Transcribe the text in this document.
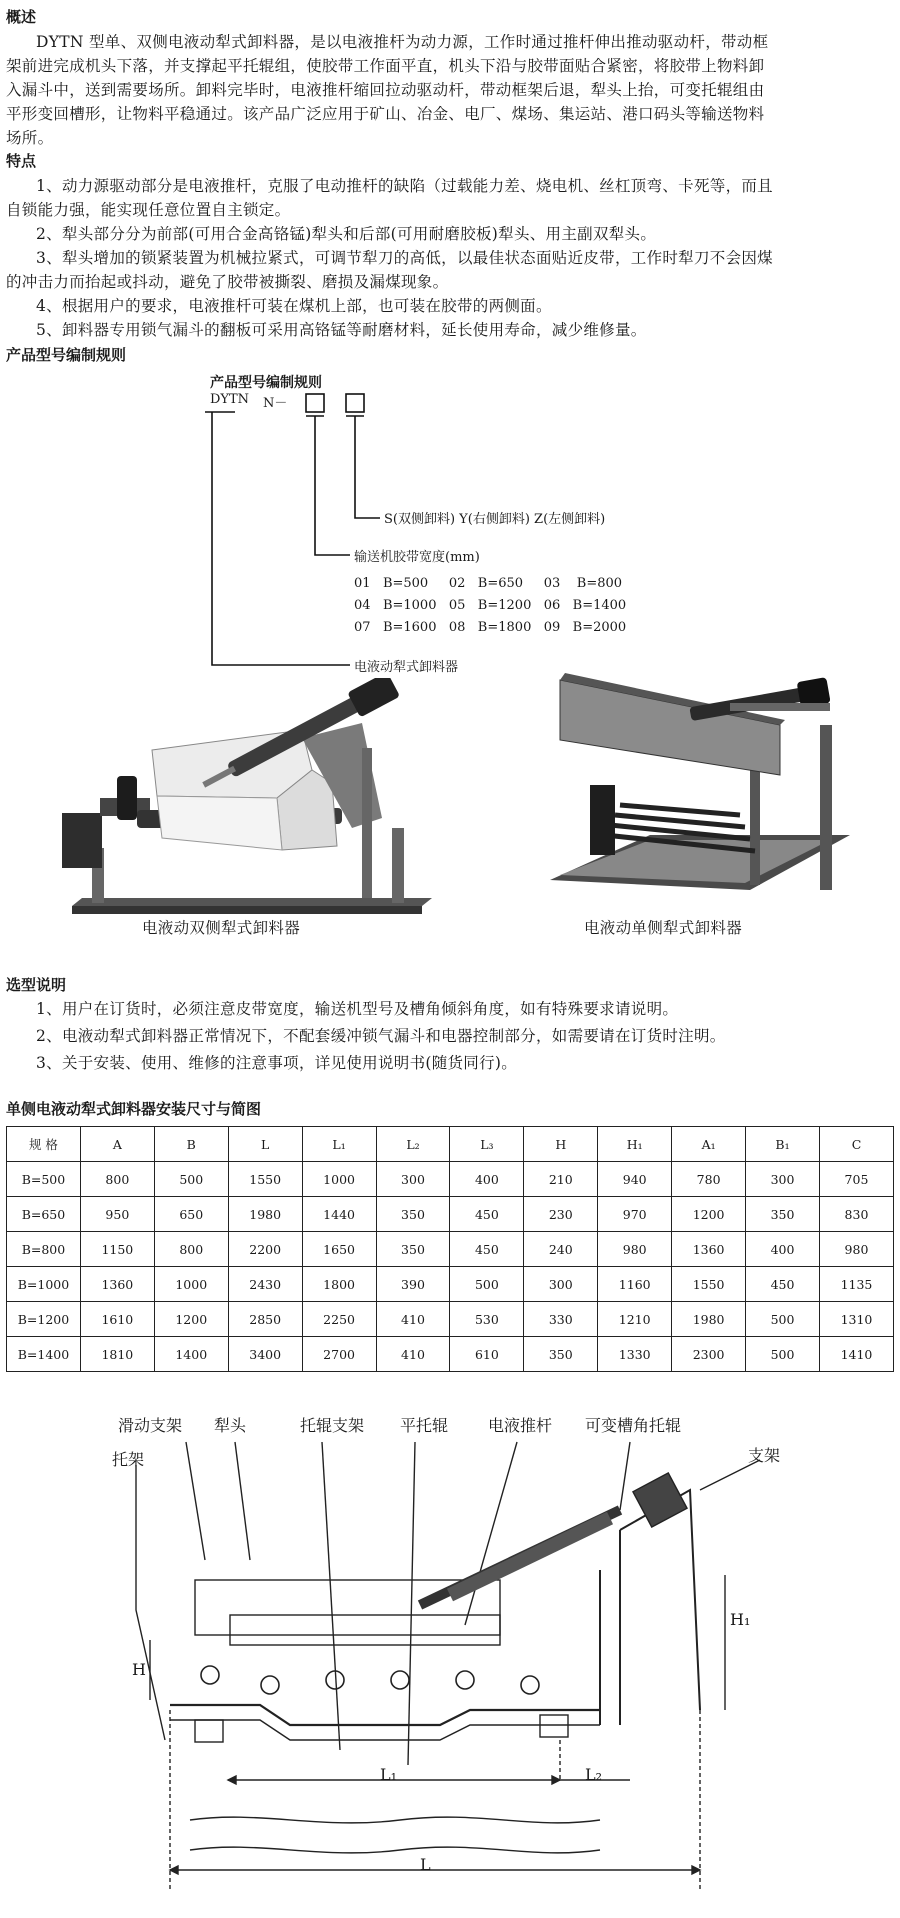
概述
DYTN 型单、双侧电液动犁式卸料器，是以电液推杆为动力源，工作时通过推杆伸出推动驱动杆，带动框
架前进完成机头下落，并支撑起平托辊组，使胶带工作面平直，机头下沿与胶带面贴合紧密，将胶带上物料卸
入漏斗中，送到需要场所。卸料完毕时，电液推杆缩回拉动驱动杆，带动框架后退，犁头上抬，可变托辊组由
平形变回槽形，让物料平稳通过。该产品广泛应用于矿山、冶金、电厂、煤场、集运站、港口码头等输送物料
场所。
特点
1、动力源驱动部分是电液推杆，克服了电动推杆的缺陷（过载能力差、烧电机、丝杠顶弯、卡死等，而且
自锁能力强，能实现任意位置自主锁定。
2、犁头部分分为前部(可用合金高铬锰)犁头和后部(可用耐磨胶板)犁头、用主副双犁头。
3、犁头增加的锁紧装置为机械拉紧式，可调节犁刀的高低，以最佳状态面贴近皮带，工作时犁刀不会因煤
的冲击力而抬起或抖动，避免了胶带被撕裂、磨损及漏煤现象。
4、根据用户的要求，电液推杆可装在煤机上部，也可装在胶带的两侧面。
5、卸料器专用锁气漏斗的翻板可采用高铬锰等耐磨材料，延长使用寿命，减少维修量。
产品型号编制规则
产品型号编制规则
DYTN N－
S(双侧卸料) Y(右侧卸料) Z(左侧卸料)
输送机胶带宽度(mm)
01   B=500     02   B=650     03    B=800
04   B=1000   05   B=1200   06   B=1400
07   B=1600   08   B=1800   09   B=2000
电液动犁式卸料器
电液动双侧犁式卸料器	电液动单侧犁式卸料器
选型说明
1、用户在订货时，必须注意皮带宽度，输送机型号及槽角倾斜角度，如有特殊要求请说明。
2、电液动犁式卸料器正常情况下，不配套缓冲锁气漏斗和电器控制部分，如需要请在订货时注明。
3、关于安装、使用、维修的注意事项，详见使用说明书(随货同行)。
单侧电液动犁式卸料器安装尺寸与简图
规 格	A	B	L	L₁	L₂	L₃	H	H₁	A₁	B₁	C
B=500	800	500	1550	1000	300	400	210	940	780	300	705
B=650	950	650	1980	1440	350	450	230	970	1200	350	830
B=800	1150	800	2200	1650	350	450	240	980	1360	400	980
B=1000	1360	1000	2430	1800	390	500	300	1160	1550	450	1135
B=1200	1610	1200	2850	2250	410	530	330	1210	1980	500	1310
B=1400	1810	1400	3400	2700	410	610	350	1330	2300	500	1410
滑动支架 犁头	托辊支架 平托辊 电液推杆 可变槽角托辊
托架	支架
L₁	L₂
L
H
H₁
